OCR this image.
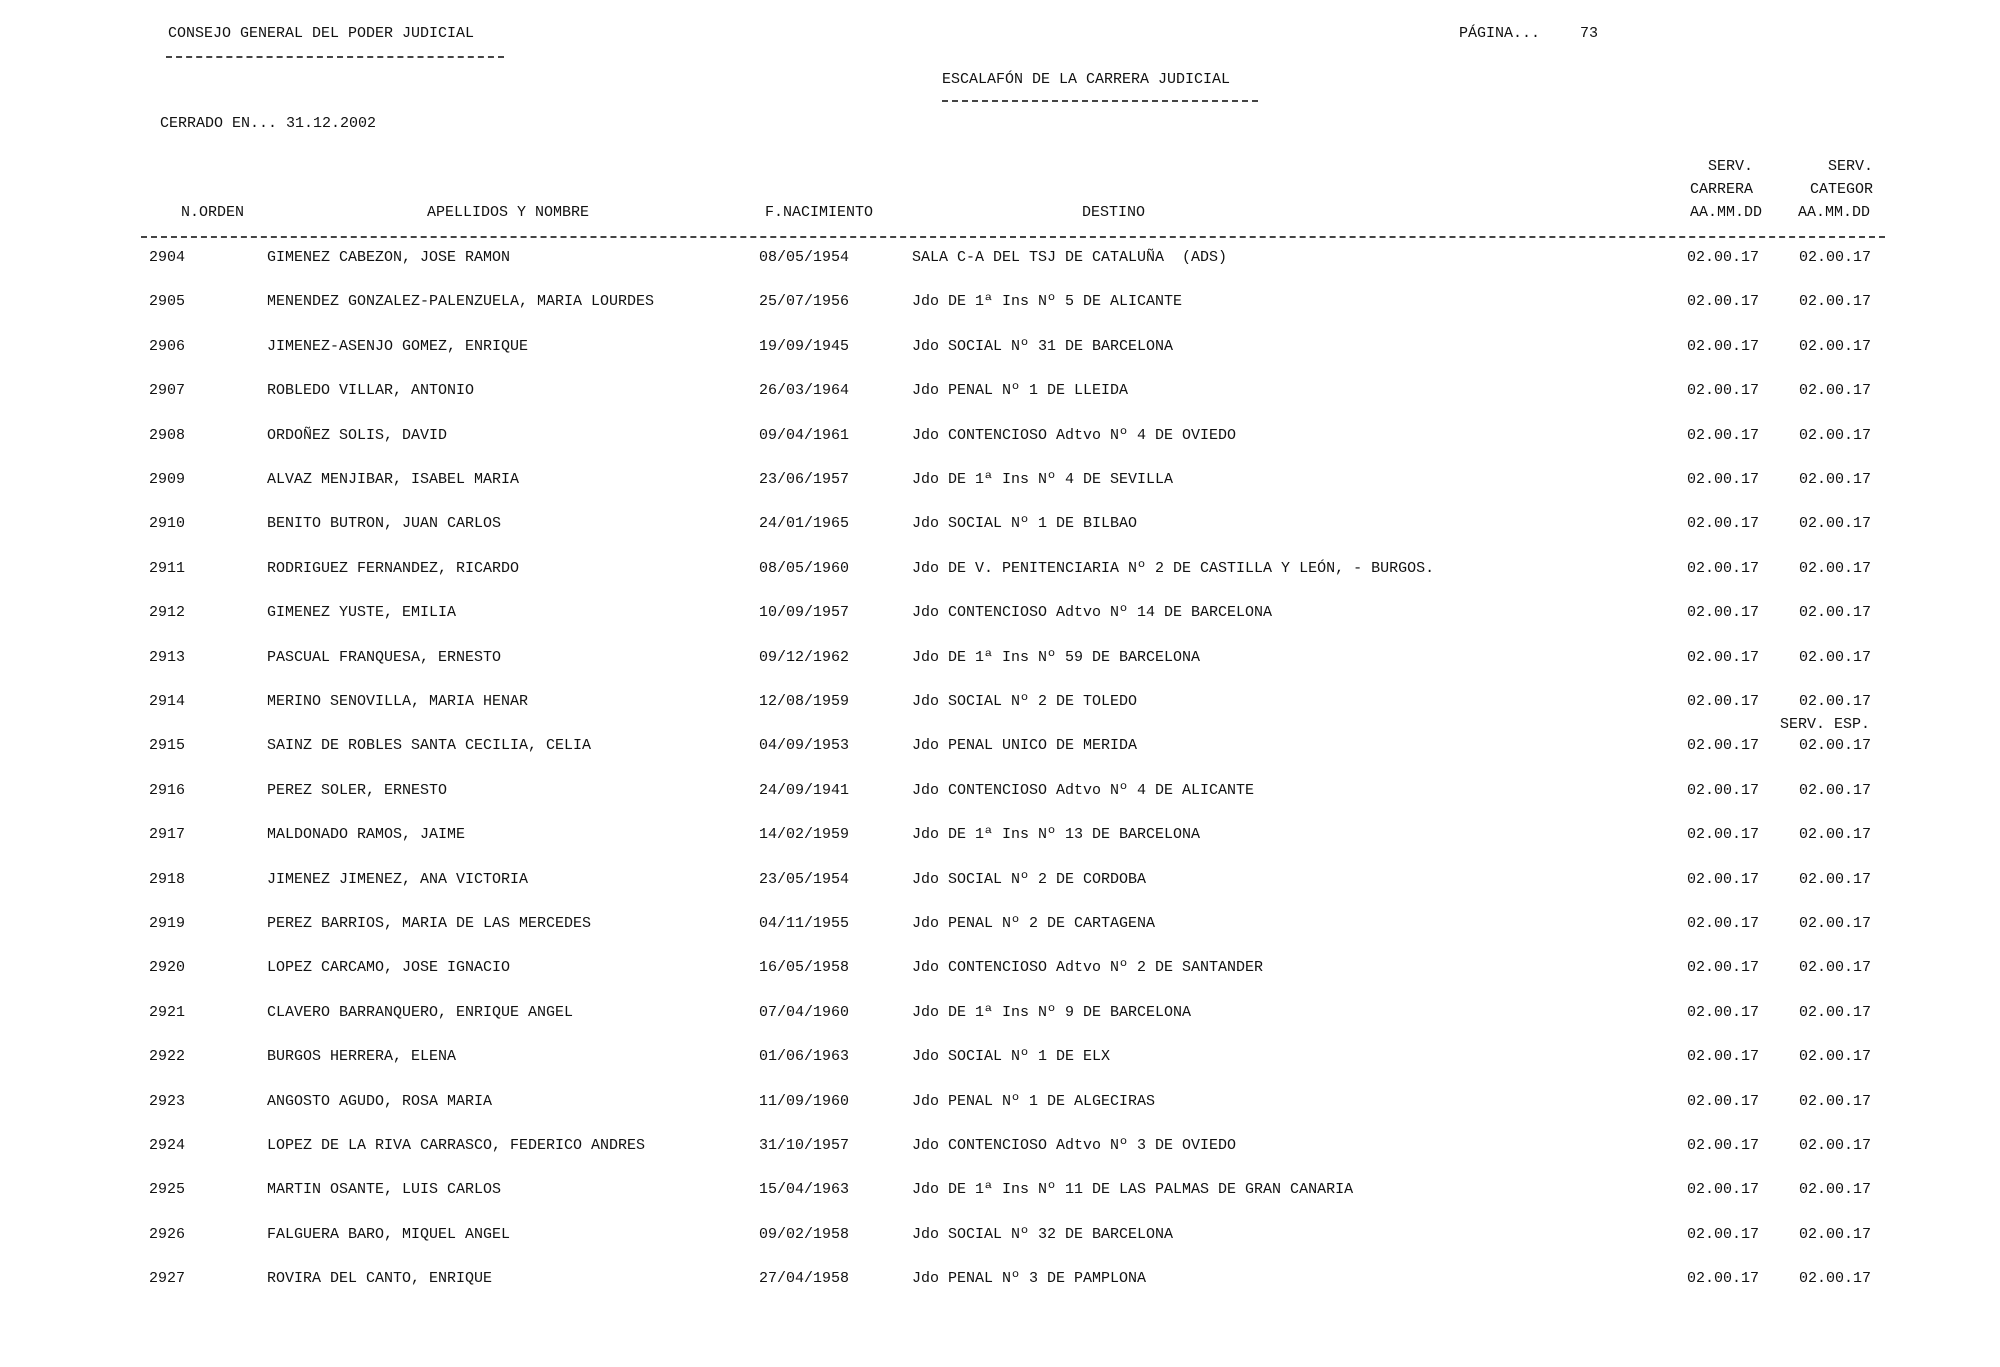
CONSEJO GENERAL DEL PODER JUDICIAL	PÁGINA...	73
ESCALAFÓN DE LA CARRERA JUDICIAL
CERRADO EN... 31.12.2002
N.ORDEN	APELLIDOS Y NOMBRE	F.NACIMIENTO	DESTINO
SERV.
CARRERA
AA.MM.DD
SERV.
CATEGOR
AA.MM.DD
2904	GIMENEZ CABEZON, JOSE RAMON	08/05/1954	SALA C-A DEL TSJ DE CATALUÑA  (ADS)	02.00.17	02.00.17
2905	MENENDEZ GONZALEZ-PALENZUELA, MARIA LOURDES	25/07/1956	Jdo DE 1ª Ins Nº 5 DE ALICANTE	02.00.17	02.00.17
2906	JIMENEZ-ASENJO GOMEZ, ENRIQUE	19/09/1945	Jdo SOCIAL Nº 31 DE BARCELONA	02.00.17	02.00.17
2907	ROBLEDO VILLAR, ANTONIO	26/03/1964	Jdo PENAL Nº 1 DE LLEIDA	02.00.17	02.00.17
2908	ORDOÑEZ SOLIS, DAVID	09/04/1961	Jdo CONTENCIOSO Adtvo Nº 4 DE OVIEDO	02.00.17	02.00.17
2909	ALVAZ MENJIBAR, ISABEL MARIA	23/06/1957	Jdo DE 1ª Ins Nº 4 DE SEVILLA	02.00.17	02.00.17
2910	BENITO BUTRON, JUAN CARLOS	24/01/1965	Jdo SOCIAL Nº 1 DE BILBAO	02.00.17	02.00.17
2911	RODRIGUEZ FERNANDEZ, RICARDO	08/05/1960	Jdo DE V. PENITENCIARIA Nº 2 DE CASTILLA Y LEÓN, - BURGOS.	02.00.17	02.00.17
2912	GIMENEZ YUSTE, EMILIA	10/09/1957	Jdo CONTENCIOSO Adtvo Nº 14 DE BARCELONA	02.00.17	02.00.17
2913	PASCUAL FRANQUESA, ERNESTO	09/12/1962	Jdo DE 1ª Ins Nº 59 DE BARCELONA	02.00.17	02.00.17
2914	MERINO SENOVILLA, MARIA HENAR	12/08/1959	Jdo SOCIAL Nº 2 DE TOLEDO	02.00.17	02.00.17
2915	SAINZ DE ROBLES SANTA CECILIA, CELIA	04/09/1953	Jdo PENAL UNICO DE MERIDA	02.00.17	02.00.17
SERV. ESP.
2916	PEREZ SOLER, ERNESTO	24/09/1941	Jdo CONTENCIOSO Adtvo Nº 4 DE ALICANTE	02.00.17	02.00.17
2917	MALDONADO RAMOS, JAIME	14/02/1959	Jdo DE 1ª Ins Nº 13 DE BARCELONA	02.00.17	02.00.17
2918	JIMENEZ JIMENEZ, ANA VICTORIA	23/05/1954	Jdo SOCIAL Nº 2 DE CORDOBA	02.00.17	02.00.17
2919	PEREZ BARRIOS, MARIA DE LAS MERCEDES	04/11/1955	Jdo PENAL Nº 2 DE CARTAGENA	02.00.17	02.00.17
2920	LOPEZ CARCAMO, JOSE IGNACIO	16/05/1958	Jdo CONTENCIOSO Adtvo Nº 2 DE SANTANDER	02.00.17	02.00.17
2921	CLAVERO BARRANQUERO, ENRIQUE ANGEL	07/04/1960	Jdo DE 1ª Ins Nº 9 DE BARCELONA	02.00.17	02.00.17
2922	BURGOS HERRERA, ELENA	01/06/1963	Jdo SOCIAL Nº 1 DE ELX	02.00.17	02.00.17
2923	ANGOSTO AGUDO, ROSA MARIA	11/09/1960	Jdo PENAL Nº 1 DE ALGECIRAS	02.00.17	02.00.17
2924	LOPEZ DE LA RIVA CARRASCO, FEDERICO ANDRES	31/10/1957	Jdo CONTENCIOSO Adtvo Nº 3 DE OVIEDO	02.00.17	02.00.17
2925	MARTIN OSANTE, LUIS CARLOS	15/04/1963	Jdo DE 1ª Ins Nº 11 DE LAS PALMAS DE GRAN CANARIA	02.00.17	02.00.17
2926	FALGUERA BARO, MIQUEL ANGEL	09/02/1958	Jdo SOCIAL Nº 32 DE BARCELONA	02.00.17	02.00.17
2927	ROVIRA DEL CANTO, ENRIQUE	27/04/1958	Jdo PENAL Nº 3 DE PAMPLONA	02.00.17	02.00.17
